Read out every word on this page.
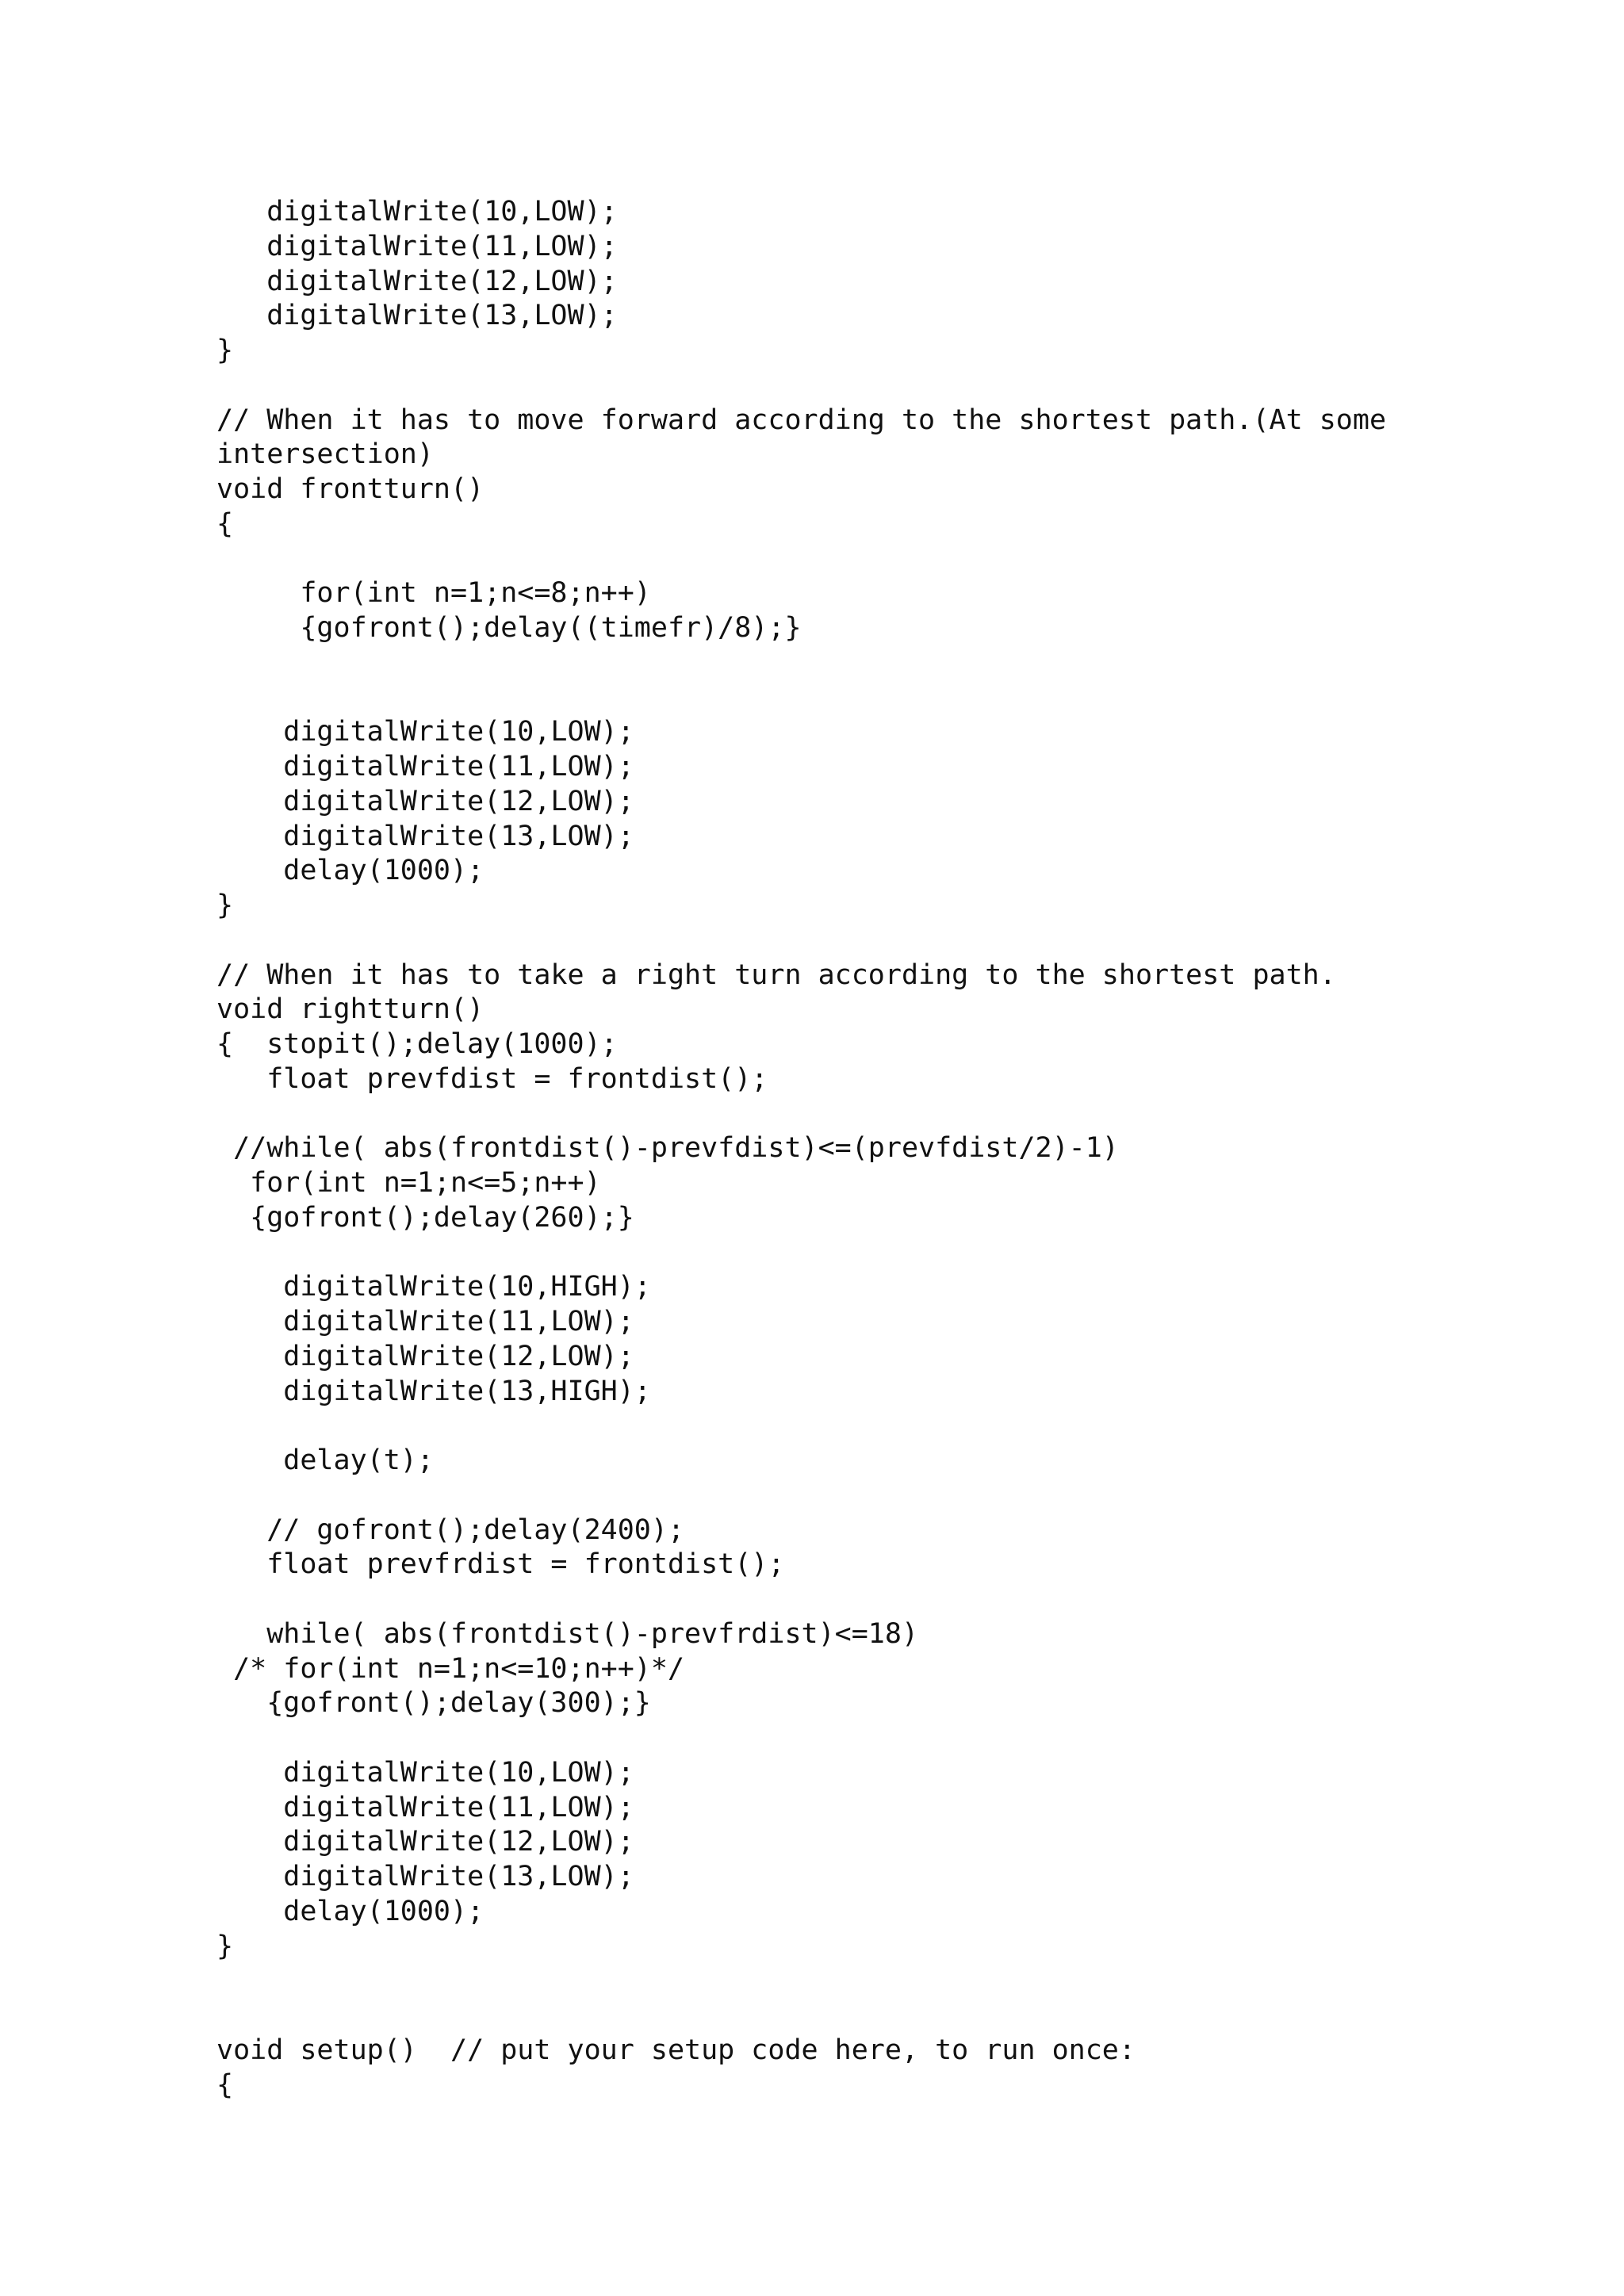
digitalWrite(10,LOW);
digitalWrite(11,LOW);
digitalWrite(12,LOW);
digitalWrite(13,LOW);
}
// When it has to move forward according to the shortest path.(At some
intersection)
void frontturn()
{
for(int n=1;n<=8;n++)
{gofront();delay((timefr)/8);}
digitalWrite(10,LOW);
digitalWrite(11,LOW);
digitalWrite(12,LOW);
digitalWrite(13,LOW);
delay(1000);
}
// When it has to take a right turn according to the shortest path.
void rightturn()
{  stopit();delay(1000);
float prevfdist = frontdist();
//while( abs(frontdist()-prevfdist)<=(prevfdist/2)-1)
for(int n=1;n<=5;n++)
{gofront();delay(260);}
digitalWrite(10,HIGH);
digitalWrite(11,LOW);
digitalWrite(12,LOW);
digitalWrite(13,HIGH);
delay(t);
// gofront();delay(2400);
float prevfrdist = frontdist();
while( abs(frontdist()-prevfrdist)<=18)
/* for(int n=1;n<=10;n++)*/
{gofront();delay(300);}
digitalWrite(10,LOW);
digitalWrite(11,LOW);
digitalWrite(12,LOW);
digitalWrite(13,LOW);
delay(1000);
}
void setup()  // put your setup code here, to run once:
{
